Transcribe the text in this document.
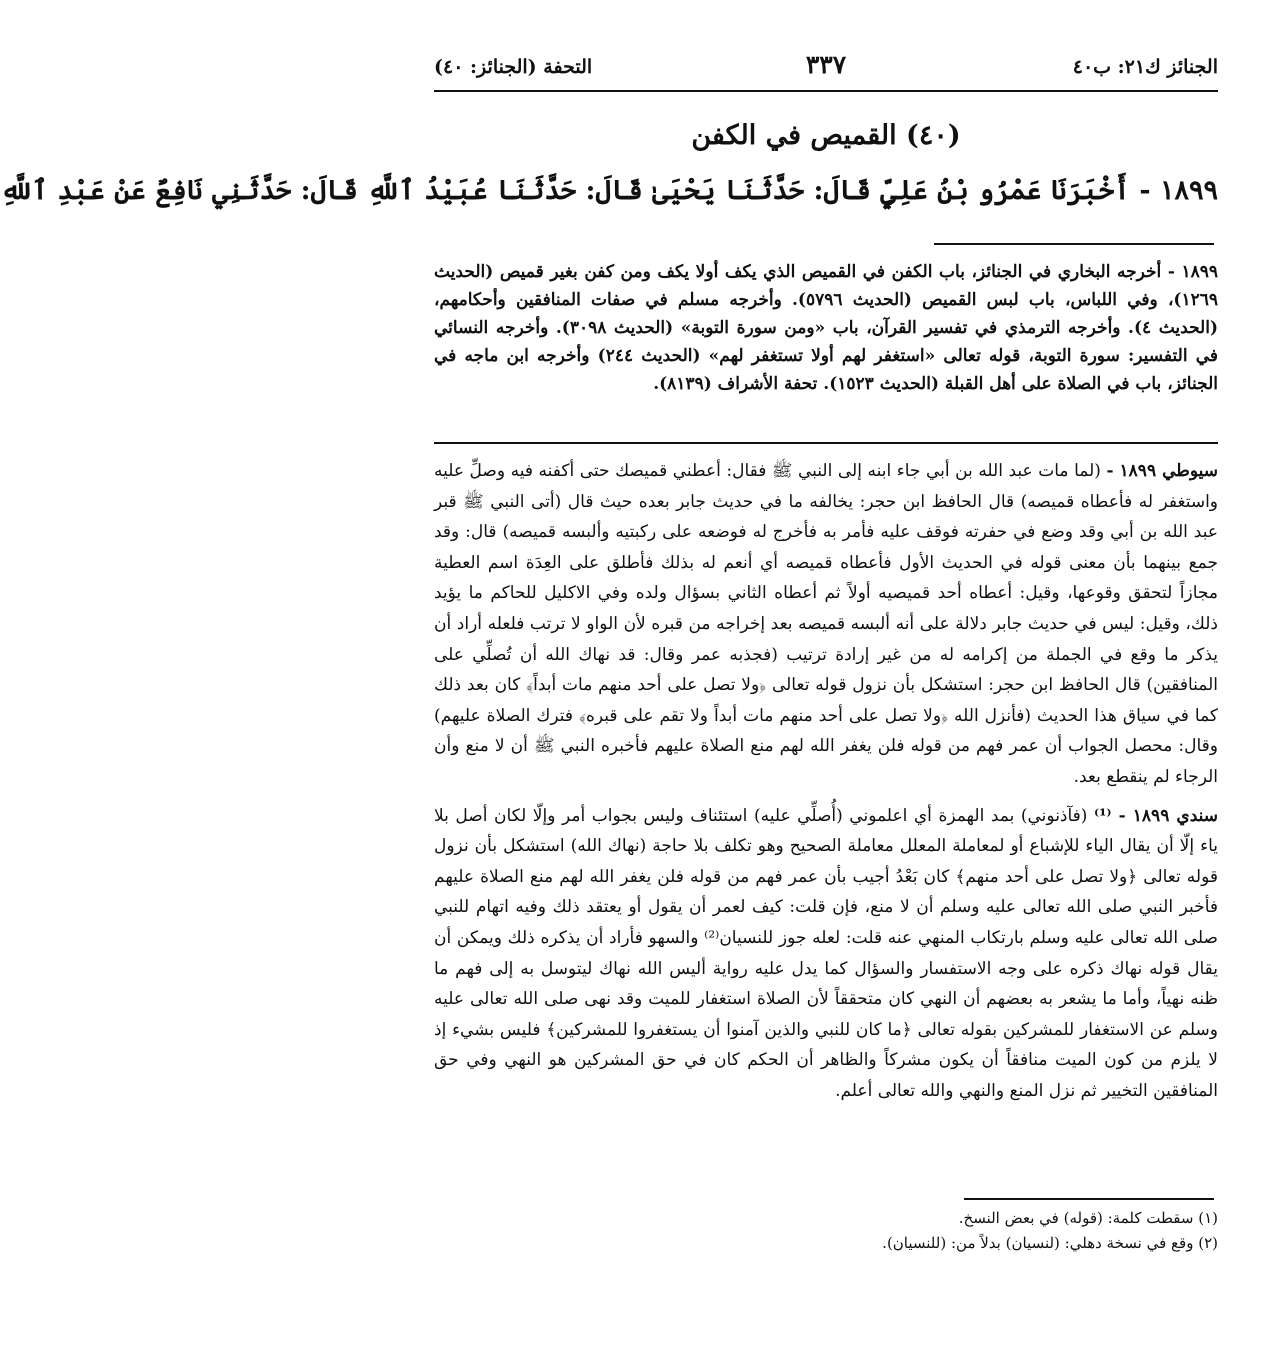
الجنائز ك٢١: ب٤٠
٣٣٧
التحفة (الجنائز: ٤٠)
(٤٠) القميص في الكفن
١٨٩٩ - أَخْبَرَنَا عَمْرُو بْنُ عَلِيٍّ قَالَ: حَدَّثَنَا يَحْيَىٰ قَالَ: حَدَّثَنَا عُبَيْدُ ٱللَّهِ قَالَ: حَدَّثَنِي نَافِعٌ عَنْ عَبْدِ ٱللَّهِ

١٨٩٩ - أخرجه البخاري في الجنائز، باب الكفن في القميص الذي يكف أولا يكف ومن كفن بغير قميص (الحديث ١٢٦٩)، وفي اللباس، باب لبس القميص (الحديث ٥٧٩٦). وأخرجه مسلم في صفات المنافقين وأحكامهم، (الحديث ٤). وأخرجه الترمذي في تفسير القرآن، باب «ومن سورة التوبة» (الحديث ٣٠٩٨). وأخرجه النسائي في التفسير: سورة التوبة، قوله تعالى «استغفر لهم أولا تستغفر لهم» (الحديث ٢٤٤) وأخرجه ابن ماجه في الجنائز، باب في الصلاة على أهل القبلة (الحديث ١٥٢٣). تحفة الأشراف (٨١٣٩).

سيوطي ١٨٩٩ - (لما مات عبد الله بن أبي جاء ابنه إلى النبي ﷺ فقال: أعطني قميصك حتى أكفنه فيه وصلِّ عليه واستغفر له فأعطاه قميصه) قال الحافظ ابن حجر: يخالفه ما في حديث جابر بعده حيث قال (أتى النبي ﷺ قبر عبد الله بن أبي وقد وضع في حفرته فوقف عليه فأمر به فأخرج له فوضعه على ركبتيه وألبسه قميصه) قال: وقد جمع بينهما بأن معنى قوله في الحديث الأول فأعطاه قميصه أي أنعم له بذلك فأطلق على العِدَة اسم العطية مجازاً لتحقق وقوعها، وقيل: أعطاه أحد قميصيه أولاً ثم أعطاه الثاني بسؤال ولده وفي الاكليل للحاكم ما يؤيد ذلك، وقيل: ليس في حديث جابر دلالة على أنه ألبسه قميصه بعد إخراجه من قبره لأن الواو لا ترتب فلعله أراد أن يذكر ما وقع في الجملة من إكرامه له من غير إرادة ترتيب (فجذبه عمر وقال: قد نهاك الله أن تُصلِّي على المنافقين) قال الحافظ ابن حجر: استشكل بأن نزول قوله تعالى ﴿ولا تصل على أحد منهم مات أبداً﴾ كان بعد ذلك كما في سياق هذا الحديث (فأنزل الله ﴿ولا تصل على أحد منهم مات أبداً ولا تقم على قبره﴾ فترك الصلاة عليهم) وقال: محصل الجواب أن عمر فهم من قوله فلن يغفر الله لهم منع الصلاة عليهم فأخبره النبي ﷺ أن لا منع وأن الرجاء لم ينقطع بعد.

سندي ١٨٩٩ - ⁽¹⁾ (فآذنوني) بمد الهمزة أي اعلموني (أُصلِّي عليه) استئناف وليس بجواب أمر وإلّا لكان أصل بلا ياء إلّا أن يقال الياء للإشباع أو لمعاملة المعلل معاملة الصحيح وهو تكلف بلا حاجة (نهاك الله) استشكل بأن نزول قوله تعالى ﴿ولا تصل على أحد منهم﴾ كان بَعْدُ أجيب بأن عمر فهم من قوله فلن يغفر الله لهم منع الصلاة عليهم فأخبر النبي صلى الله تعالى عليه وسلم أن لا منع، فإن قلت: كيف لعمر أن يقول أو يعتقد ذلك وفيه اتهام للنبي صلى الله تعالى عليه وسلم بارتكاب المنهي عنه قلت: لعله جوز للنسيان⁽²⁾ والسهو فأراد أن يذكره ذلك ويمكن أن يقال قوله نهاك ذكره على وجه الاستفسار والسؤال كما يدل عليه رواية أليس الله نهاك ليتوسل به إلى فهم ما ظنه نهياً، وأما ما يشعر به بعضهم أن النهي كان متحققاً لأن الصلاة استغفار للميت وقد نهى صلى الله تعالى عليه وسلم عن الاستغفار للمشركين بقوله تعالى ﴿ما كان للنبي والذين آمنوا أن يستغفروا للمشركين﴾ فليس بشيء إذ لا يلزم من كون الميت منافقاً أن يكون مشركاً والظاهر أن الحكم كان في حق المشركين هو النهي وفي حق المنافقين التخيير ثم نزل المنع والنهي والله تعالى أعلم.

(١) سقطت كلمة: (قوله) في بعض النسخ.
(٢) وقع في نسخة دهلي: (لنسيان) بدلاً من: (للنسيان).
